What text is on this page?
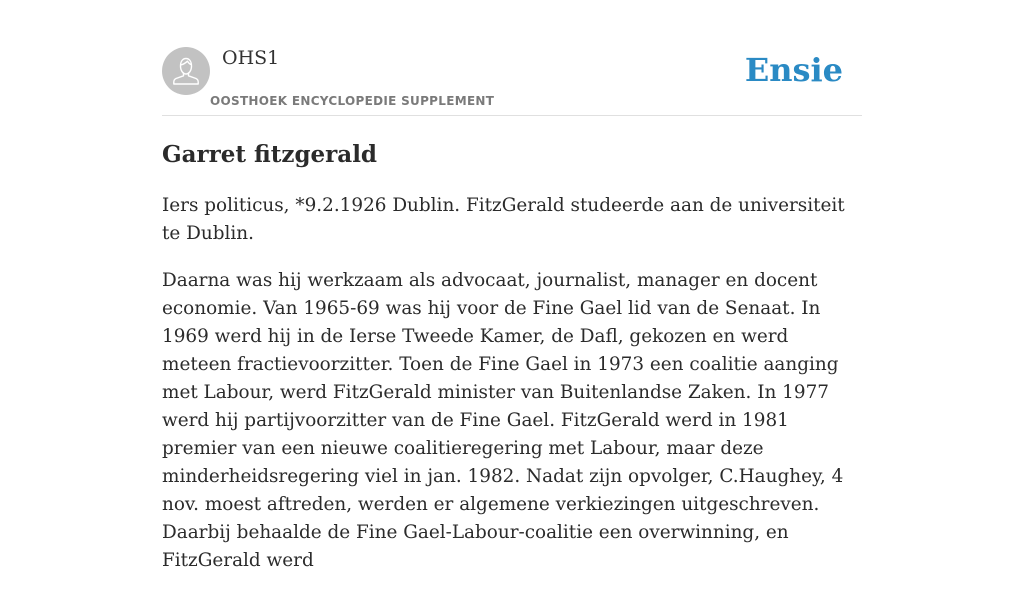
OHS1
OOSTHOEK ENCYCLOPEDIE SUPPLEMENT
Ensie
Garret fitzgerald

Iers politicus, *9.2.1926 Dublin. FitzGerald studeerde aan de universiteit te Dublin.

Daarna was hij werkzaam als advocaat, journalist, manager en docent economie. Van 1965-69 was hij voor de Fine Gael lid van de Senaat. In 1969 werd hij in de Ierse Tweede Kamer, de Dafl, gekozen en werd meteen fractievoorzitter. Toen de Fine Gael in 1973 een coalitie aanging met Labour, werd FitzGerald minister van Buitenlandse Zaken. In 1977 werd hij partijvoorzitter van de Fine Gael. FitzGerald werd in 1981 premier van een nieuwe coalitieregering met Labour, maar deze minderheidsregering viel in jan. 1982. Nadat zijn opvolger, C.Haughey, 4 nov. moest aftreden, werden er algemene verkiezingen uitgeschreven. Daarbij behaalde de Fine Gael-Labour-coalitie een overwinning, en FitzGerald werd
